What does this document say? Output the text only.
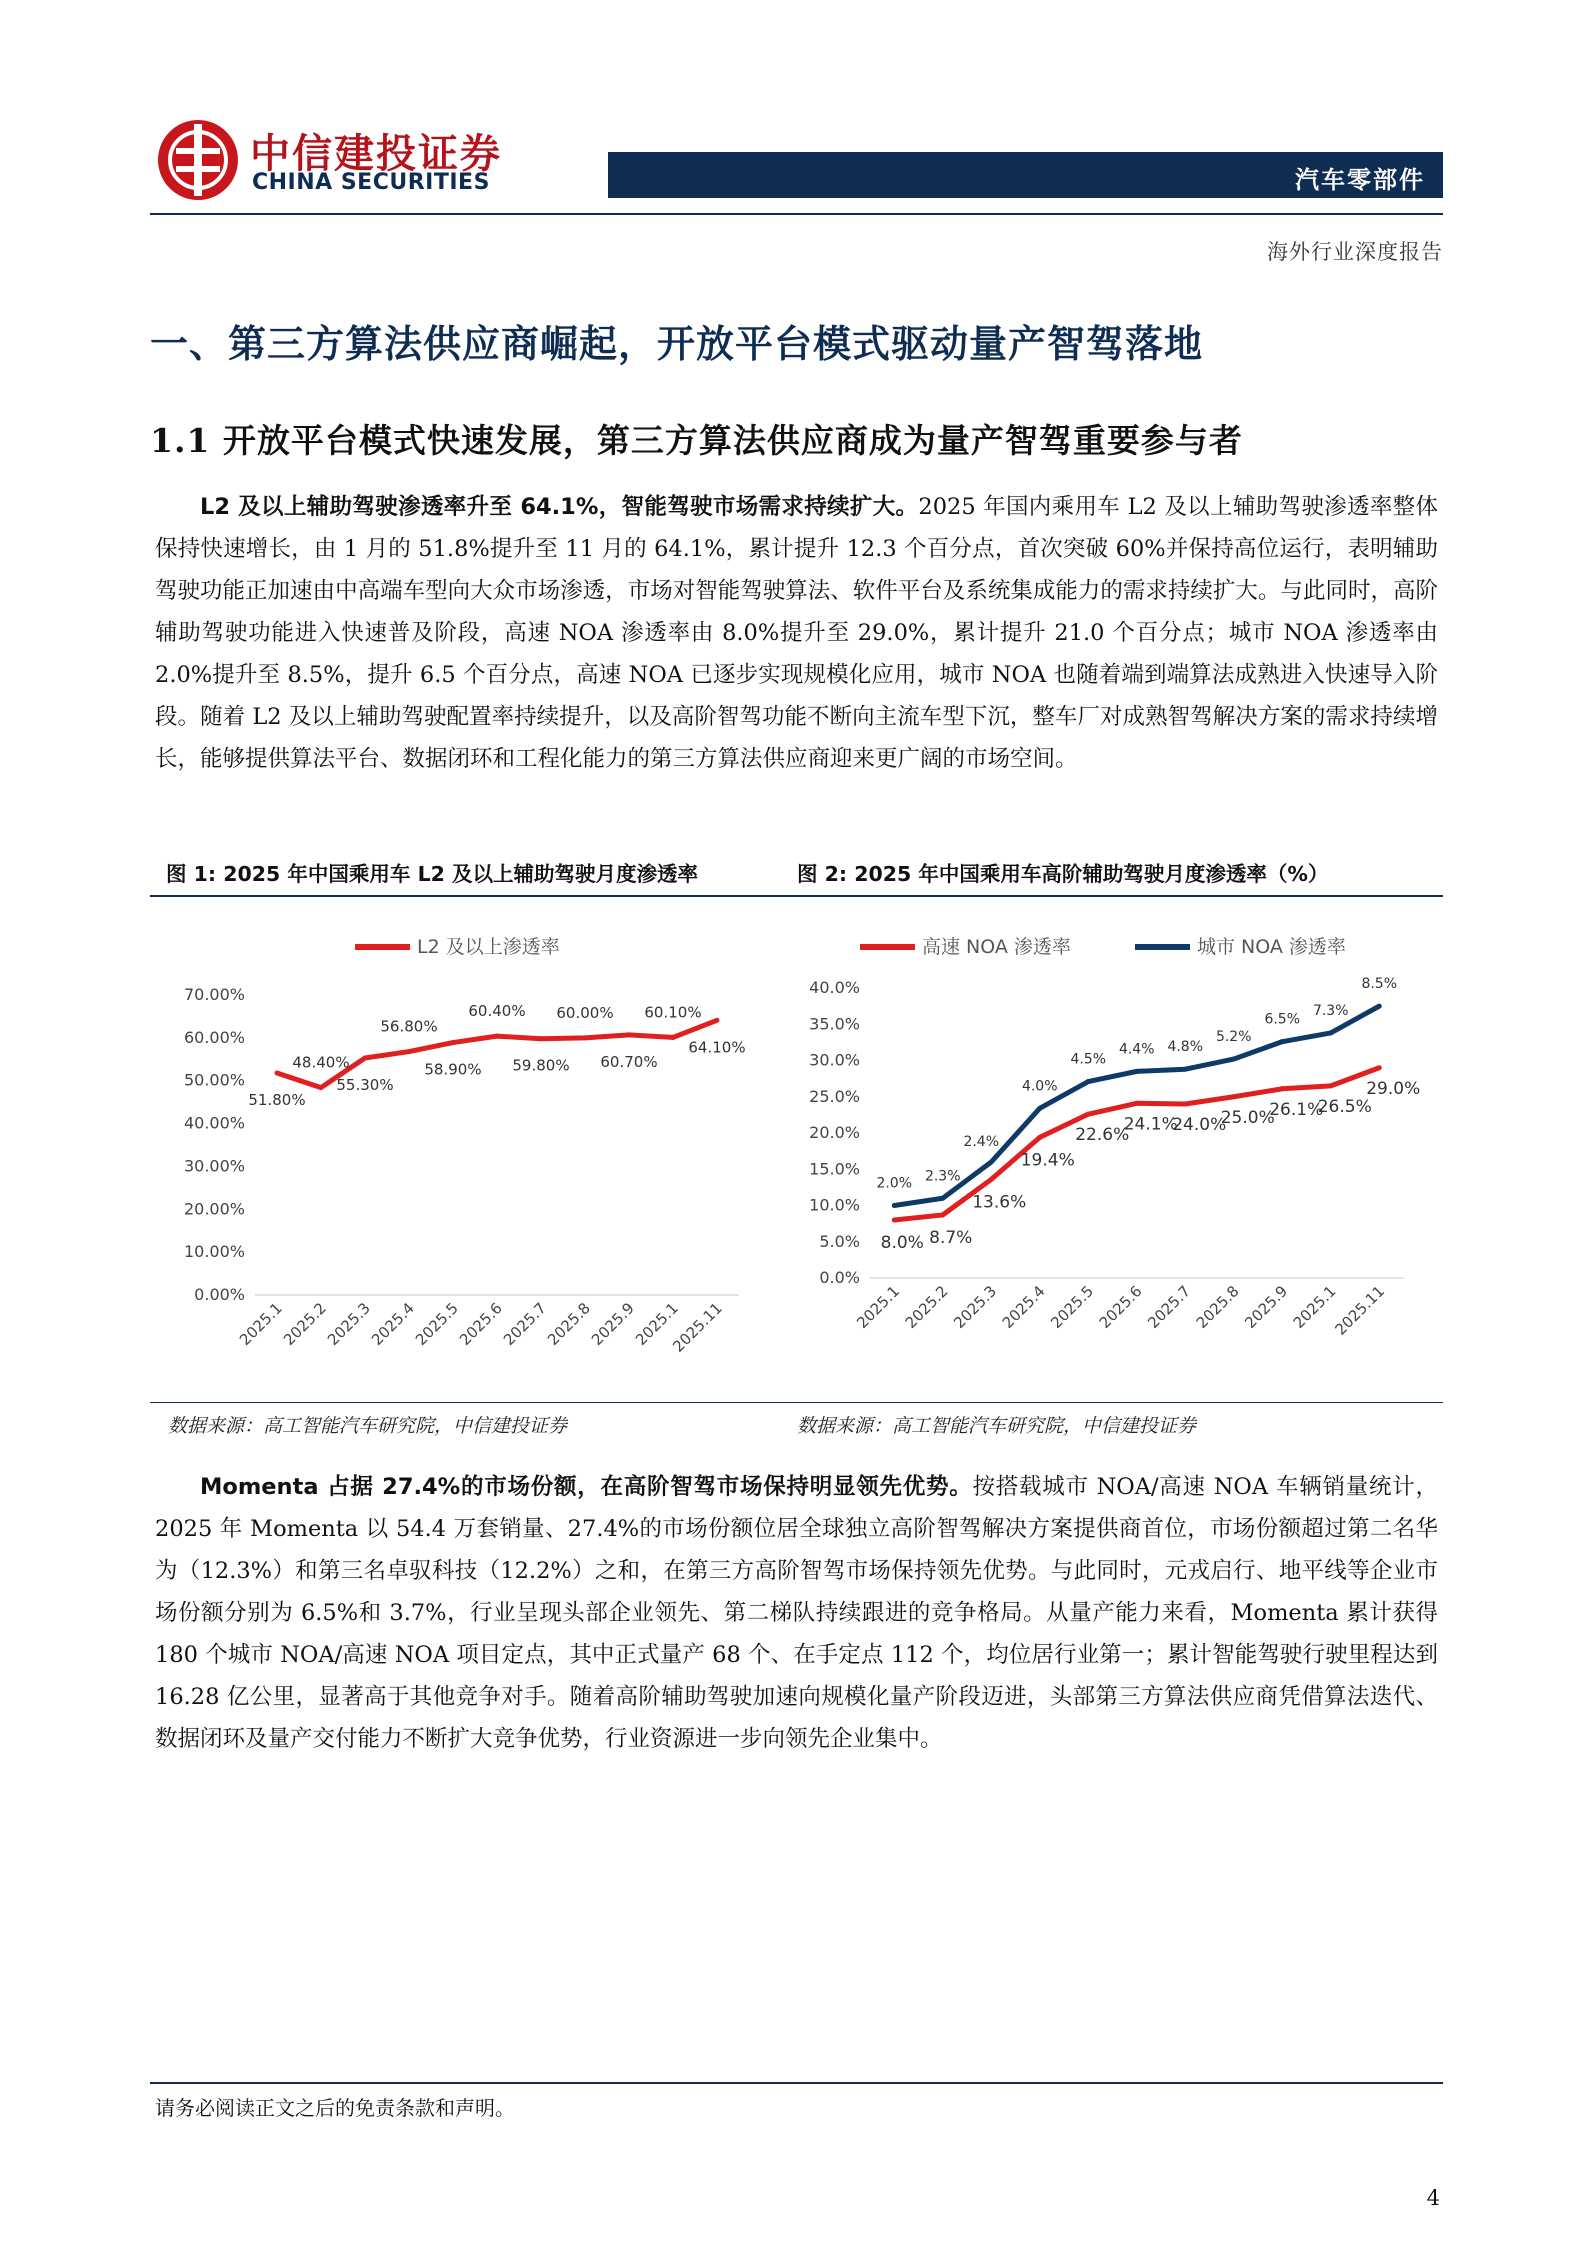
中信建投证券
CHINA SECURITIES	汽车零部件
海外行业深度报告
一、第三方算法供应商崛起，开放平台模式驱动量产智驾落地
1.1 开放平台模式快速发展，第三方算法供应商成为量产智驾重要参与者
L2 及以上辅助驾驶渗透率升至 64.1%，智能驾驶市场需求持续扩大。2025 年国内乘用车 L2 及以上辅助驾驶渗透率整体保持快速增长，由 1 月的 51.8%提升至 11 月的 64.1%，累计提升 12.3 个百分点，首次突破 60%并保持高位运行，表明辅助驾驶功能正加速由中高端车型向大众市场渗透，市场对智能驾驶算法、软件平台及系统集成能力的需求持续扩大。与此同时，高阶辅助驾驶功能进入快速普及阶段，高速 NOA 渗透率由 8.0%提升至 29.0%，累计提升 21.0 个百分点；城市 NOA 渗透率由 2.0%提升至 8.5%，提升 6.5 个百分点，高速 NOA 已逐步实现规模化应用，城市 NOA 也随着端到端算法成熟进入快速导入阶段。随着 L2 及以上辅助驾驶配置率持续提升，以及高阶智驾功能不断向主流车型下沉，整车厂对成熟智驾解决方案的需求持续增长，能够提供算法平台、数据闭环和工程化能力的第三方算法供应商迎来更广阔的市场空间。
图 1: 2025 年中国乘用车 L2 及以上辅助驾驶月度渗透率	图 2: 2025 年中国乘用车高阶辅助驾驶月度渗透率（%）
L2 及以上渗透率
0.00%
10.00%
20.00%
30.00%
40.00%
50.00%
60.00%
70.00%
2025.1
2025.2
2025.3
2025.4
2025.5
2025.6
2025.7
2025.8
2025.9
2025.1
2025.11
51.80%
48.40%
55.30%
56.80%
58.90%
60.40%
59.80%
60.00%
60.70%
60.10%
64.10%
高速 NOA 渗透率	城市 NOA 渗透率
0.0%
5.0%
10.0%
15.0%
20.0%
25.0%
30.0%
35.0%
40.0%
2025.1
2025.2
2025.3
2025.4
2025.5
2025.6
2025.7
2025.8
2025.9
2025.1
2025.11
8.0% 8.7%
13.6%
19.4%
22.6%
24.1%
24.0%
25.0%
26.1%
26.5%
29.0%
2.0% 2.3%
2.4%
4.0%
4.5%
4.4% 4.8%
5.2%
6.5%
7.3%
8.5%
数据来源：高工智能汽车研究院，中信建投证券	数据来源：高工智能汽车研究院，中信建投证券
Momenta 占据 27.4%的市场份额，在高阶智驾市场保持明显领先优势。按搭载城市 NOA/高速 NOA 车辆销量统计，2025 年 Momenta 以 54.4 万套销量、27.4%的市场份额位居全球独立高阶智驾解决方案提供商首位，市场份额超过第二名华为（12.3%）和第三名卓驭科技（12.2%）之和，在第三方高阶智驾市场保持领先优势。与此同时，元戎启行、地平线等企业市场份额分别为 6.5%和 3.7%，行业呈现头部企业领先、第二梯队持续跟进的竞争格局。从量产能力来看，Momenta 累计获得 180 个城市 NOA/高速 NOA 项目定点，其中正式量产 68 个、在手定点 112 个，均位居行业第一；累计智能驾驶行驶里程达到 16.28 亿公里，显著高于其他竞争对手。随着高阶辅助驾驶加速向规模化量产阶段迈进，头部第三方算法供应商凭借算法迭代、数据闭环及量产交付能力不断扩大竞争优势，行业资源进一步向领先企业集中。
请务必阅读正文之后的免责条款和声明。
4
